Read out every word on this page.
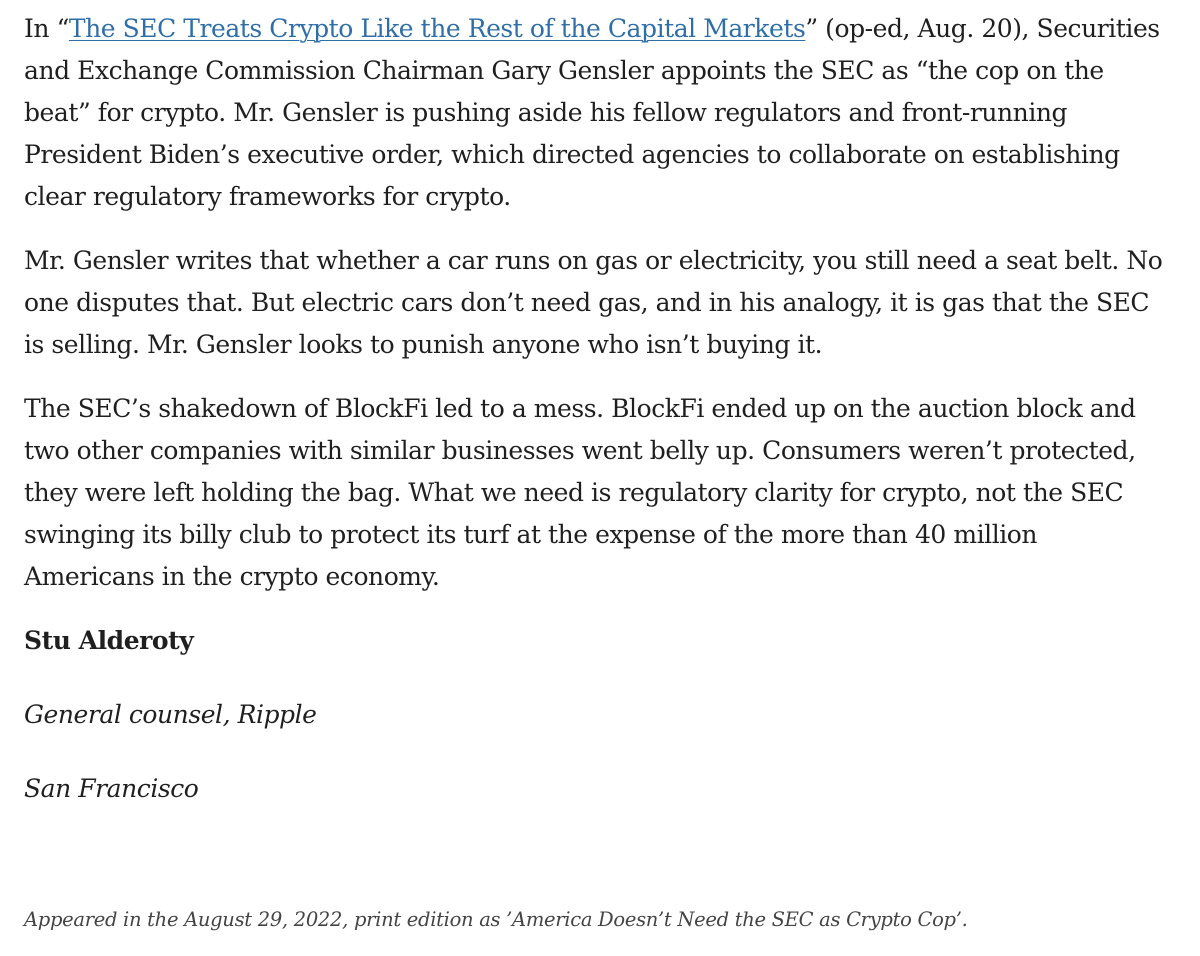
In “The SEC Treats Crypto Like the Rest of the Capital Markets” (op-ed, Aug. 20), Securities and Exchange Commission Chairman Gary Gensler appoints the SEC as “the cop on the beat” for crypto. Mr. Gensler is pushing aside his fellow regulators and front-running President Biden’s executive order, which directed agencies to collaborate on establishing clear regulatory frameworks for crypto.

Mr. Gensler writes that whether a car runs on gas or electricity, you still need a seat belt. No one disputes that. But electric cars don’t need gas, and in his analogy, it is gas that the SEC is selling. Mr. Gensler looks to punish anyone who isn’t buying it.

The SEC’s shakedown of BlockFi led to a mess. BlockFi ended up on the auction block and two other companies with similar businesses went belly up. Consumers weren’t protected, they were left holding the bag. What we need is regulatory clarity for crypto, not the SEC swinging its billy club to protect its turf at the expense of the more than 40 million Americans in the crypto economy.

Stu Alderoty

General counsel, Ripple

San Francisco

Appeared in the August 29, 2022, print edition as ’America Doesn’t Need the SEC as Crypto Cop’.
